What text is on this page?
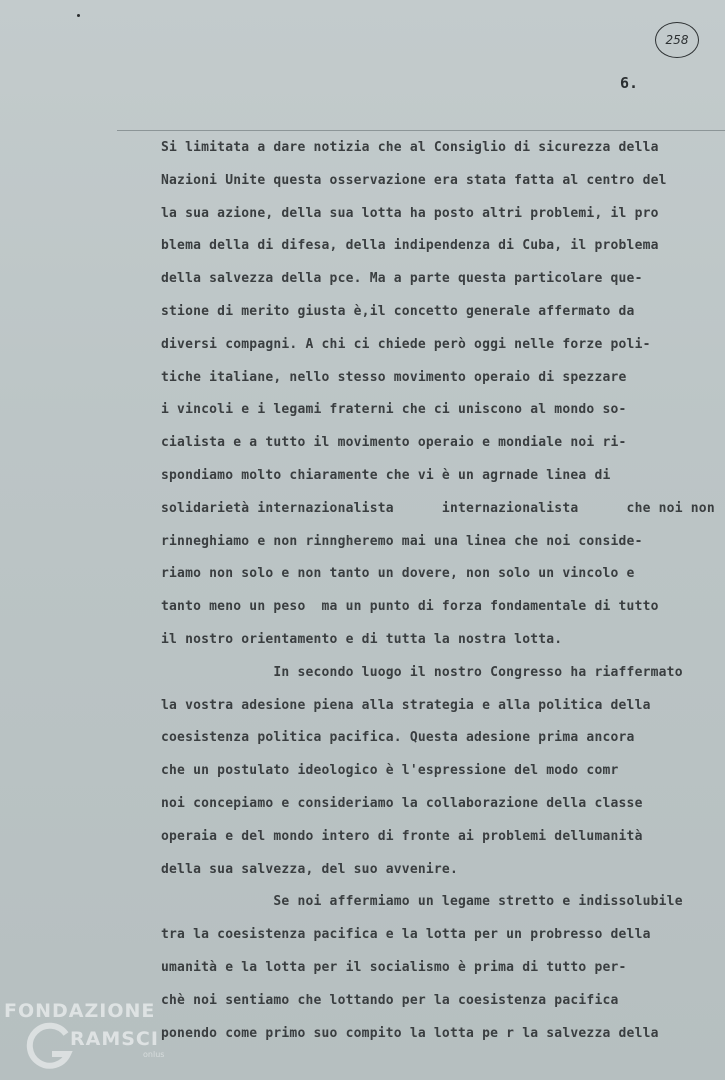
258
6.
Si limitata a dare notizia che al Consiglio di sicurezza della
Nazioni Unite questa osservazione era stata fatta al centro del
la sua azione, della sua lotta ha posto altri problemi, il pro
blema della di difesa, della indipendenza di Cuba, il problema
della salvezza della pce. Ma a parte questa particolare que-
stione di merito giusta è,il concetto generale affermato da
diversi compagni. A chi ci chiede però oggi nelle forze poli-
tiche italiane, nello stesso movimento operaio di spezzare
i vincoli e i legami fraterni che ci uniscono al mondo so-
cialista e a tutto il movimento operaio e mondiale noi ri-
spondiamo molto chiaramente che vi è un agrnade linea di
solidarietà internazionalista      internazionalista      che noi non
rinneghiamo e non rinngheremo mai una linea che noi conside-
riamo non solo e non tanto un dovere, non solo un vincolo e
tanto meno un peso  ma un punto di forza fondamentale di tutto
il nostro orientamento e di tutta la nostra lotta.
In secondo luogo il nostro Congresso ha riaffermato
la vostra adesione piena alla strategia e alla politica della
coesistenza politica pacifica. Questa adesione prima ancora
che un postulato ideologico è l'espressione del modo comr
noi concepiamo e consideriamo la collaborazione della classe
operaia e del mondo intero di fronte ai problemi dellumanità
della sua salvezza, del suo avvenire.
Se noi affermiamo un legame stretto e indissolubile
tra la coesistenza pacifica e la lotta per un probresso della
umanità e la lotta per il socialismo è prima di tutto per-
chè noi sentiamo che lottando per la coesistenza pacifica
ponendo come primo suo compito la lotta pe r la salvezza della
FONDAZIONE
RAMSCI
onlus
